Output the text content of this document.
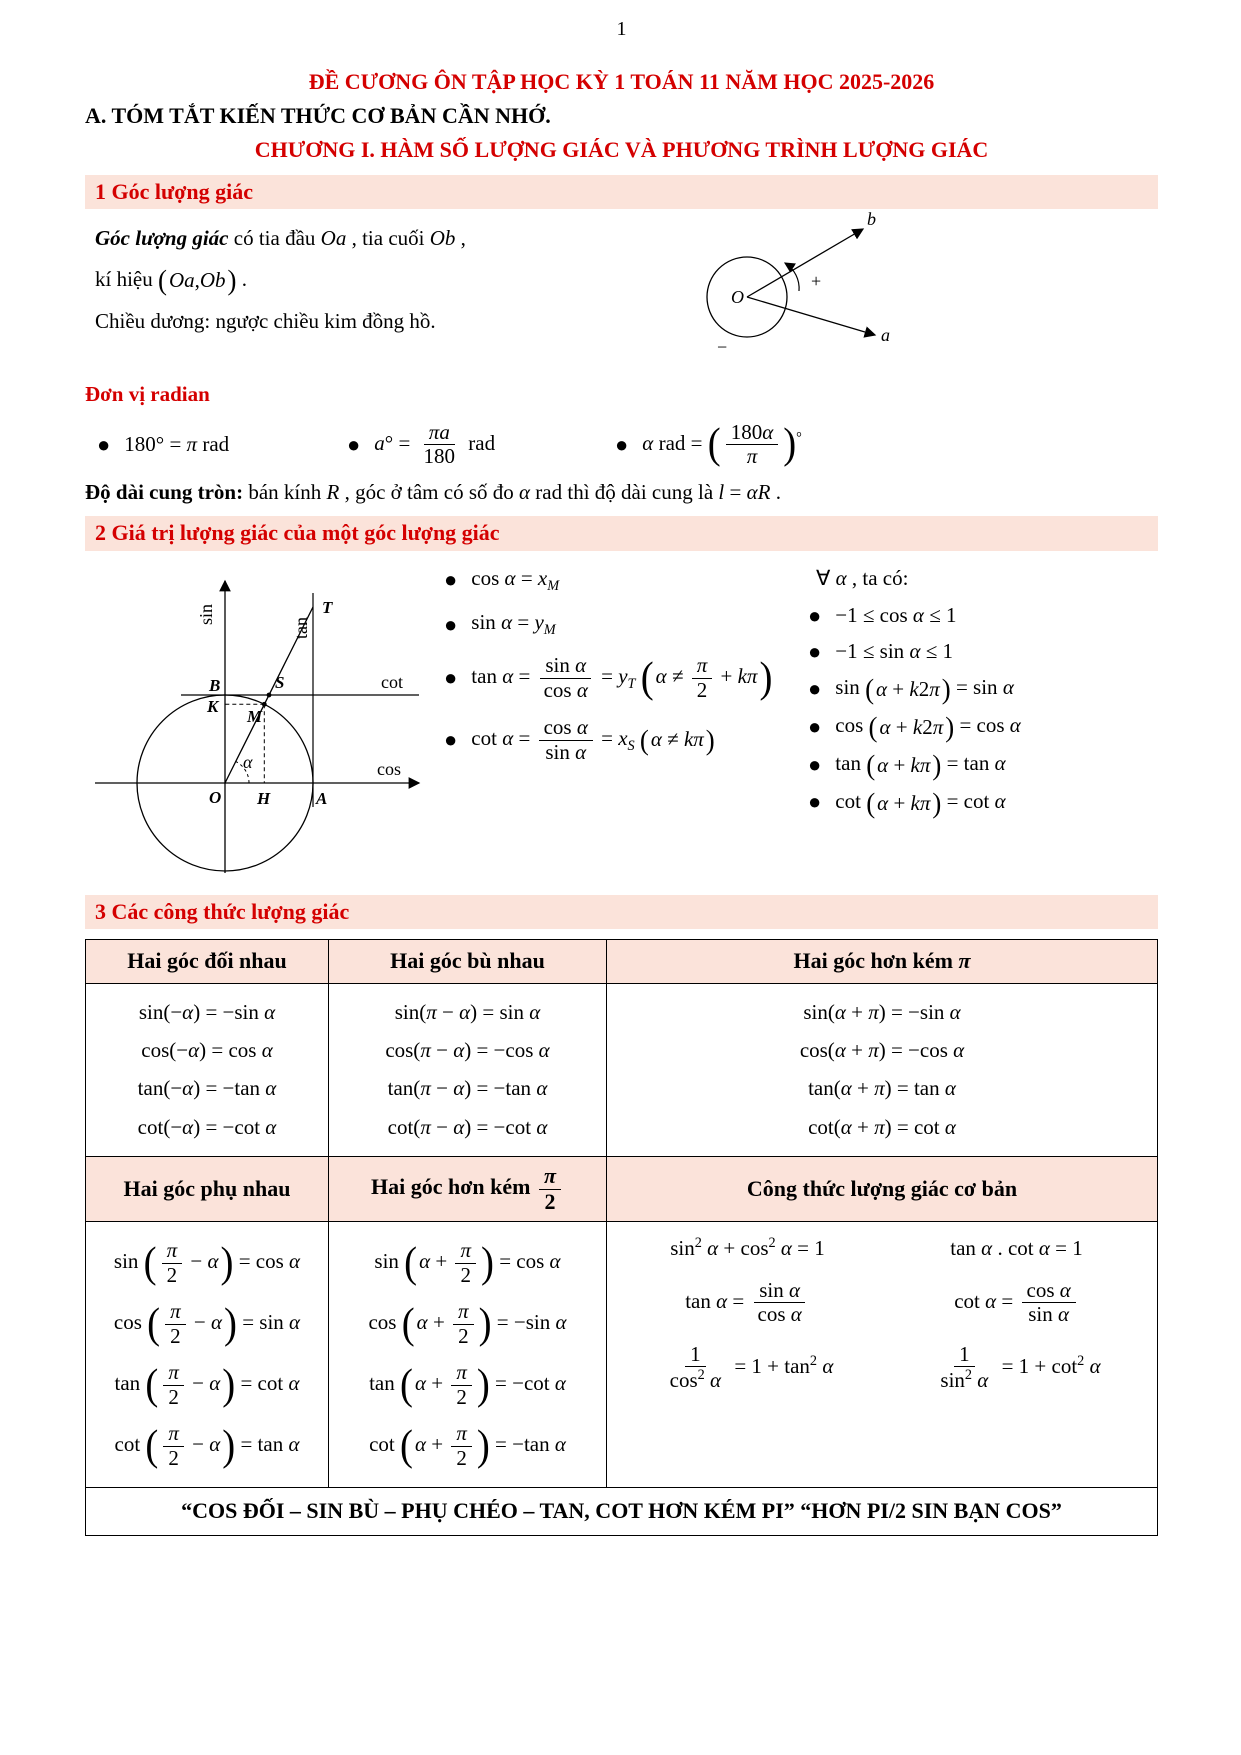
1
ĐỀ CƯƠNG ÔN TẬP HỌC KỲ 1 TOÁN 11 NĂM HỌC 2025-2026
A. TÓM TẮT KIẾN THỨC CƠ BẢN CẦN NHỚ.
CHƯƠNG I. HÀM SỐ LƯỢNG GIÁC VÀ PHƯƠNG TRÌNH LƯỢNG GIÁC
1 Góc lượng giác

Góc lượng giác có tia đầu Oa , tia cuối Ob ,

kí hiệu ( Oa,Ob ) .

Chiều dương: ngược chiều kim đồng hồ.

b
a
O
+
−
Đơn vị radian
● 180° = π rad	● $a^\circ = \frac{\pi a}{180}$ rad	● α rad = ( $\frac{180\alpha}{\pi}$ ) °
Độ dài cung tròn: bán kính R , góc ở tâm có số đo α rad thì độ dài cung là l = αR .
2 Giá trị lượng giác của một góc lượng giác
sin
tan
cot
cos
T
B	S
K
M
α
O H	A
● $\cos \alpha = x_M$
● $\sin \alpha = y_M$
● $\tan \alpha = \frac{\text{sin α}}{\text{cos α}} = y_T$ ( $\alpha \ne \frac{\pi}{2} + k\pi$ )
● $\cot \alpha = \frac{\text{cos α}}{\text{sin α}} = x_S$ ( α ≠ kπ )
∀ α , ta có:
● −1 ≤ cos α ≤ 1
● −1 ≤ sin α ≤ 1
● sin ( α + k2π ) = sin α
● cos ( α + k2π ) = cos α
● tan ( α + kπ ) = tan α
● cot ( α + kπ ) = cot α
3 Các công thức lượng giác
Hai góc đối nhau	Hai góc bù nhau	Hai góc hơn kém π

sin(−α) = −sin α
cos(−α) = cos α
tan(−α) = −tan α
cot(−α) = −cot α

sin(π − α) = sin α
cos(π − α) = −cos α
tan(π − α) = −tan α
cot(π − α) = −cot α

sin(α + π) = −sin α
cos(α + π) = −cos α
tan(α + π) = tan α
cot(α + π) = cot α

Hai góc phụ nhau	Hai góc hơn kém $\frac{\pi}{2}$	Công thức lượng giác cơ bản

sin ( $\frac{\pi}{2} - \alpha$ ) = cos α
cos ( $\frac{\pi}{2} - \alpha$ ) = sin α
tan ( $\frac{\pi}{2} - \alpha$ ) = cot α
cot ( $\frac{\pi}{2} - \alpha$ ) = tan α

sin ( $\alpha + \frac{\pi}{2}$ ) = cos α
cos ( $\alpha + \frac{\pi}{2}$ ) = −sin α
tan ( $\alpha + \frac{\pi}{2}$ ) = −cot α
cot ( $\alpha + \frac{\pi}{2}$ ) = −tan α

$\sin^2 \alpha + \cos^2 \alpha = 1$	tan α . cot α = 1
$\tan \alpha = \frac{\text{sin α}}{\text{cos α}}$	$\cot \alpha = \frac{\text{cos α}}{\text{sin α}}$
$\frac{1}{\cos^2 \alpha} = 1 + \tan^2 \alpha$	$\frac{1}{\sin^2 \alpha} = 1 + \cot^2 \alpha$

“COS ĐỐI – SIN BÙ – PHỤ CHÉO – TAN, COT HƠN KÉM PI” “HƠN PI/2 SIN BẠN COS”		
